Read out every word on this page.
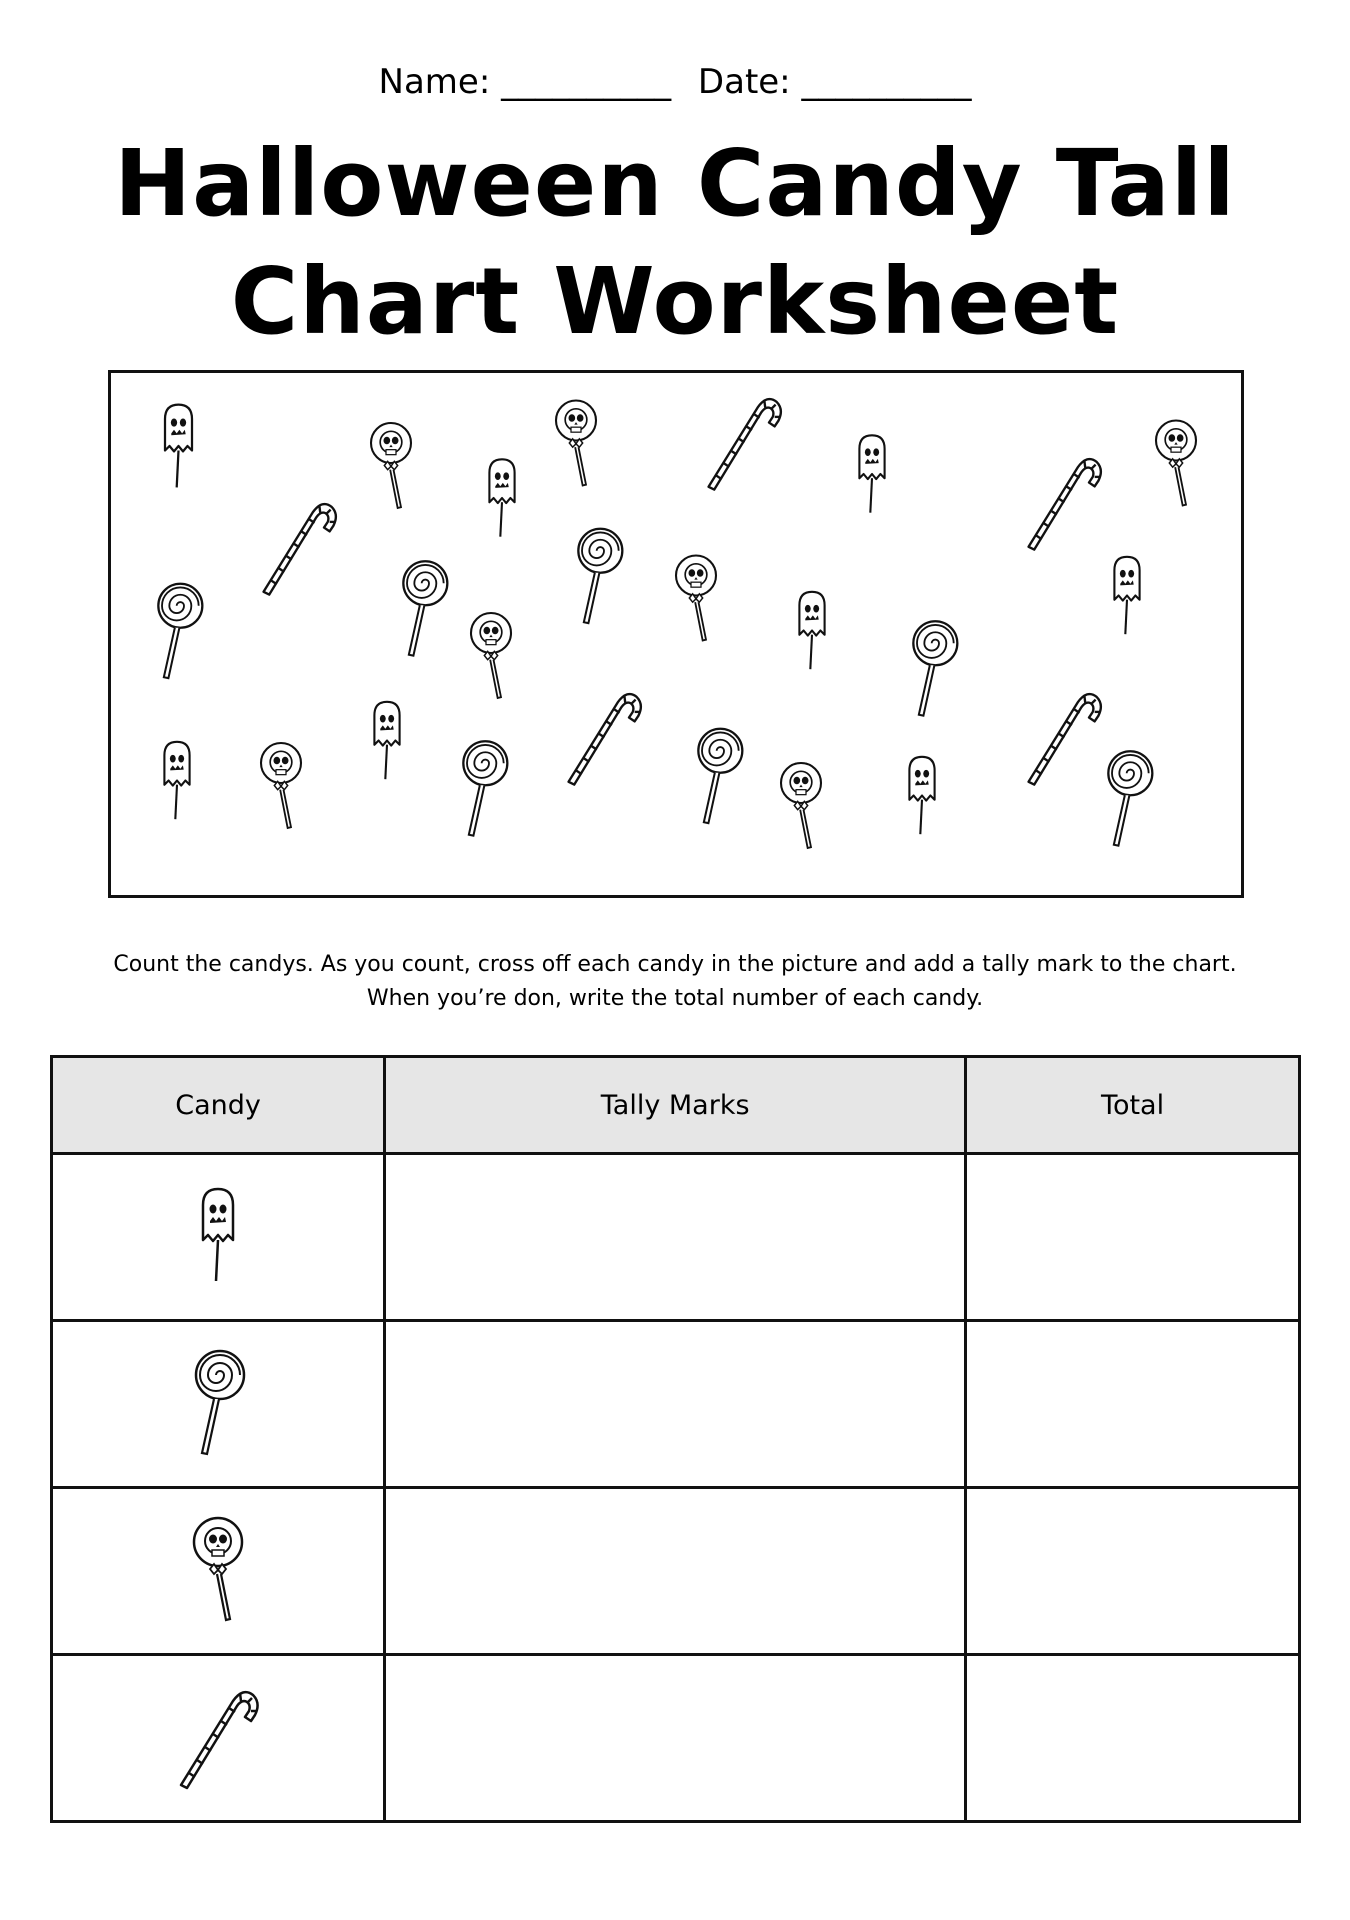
Name: __________ Date: __________
Halloween Candy Tall
Chart Worksheet
Count the candys. As you count, cross off each candy in the picture and add a tally mark to the chart.
When you’re don, write the total number of each candy.
Candy	Tally Marks	Total
